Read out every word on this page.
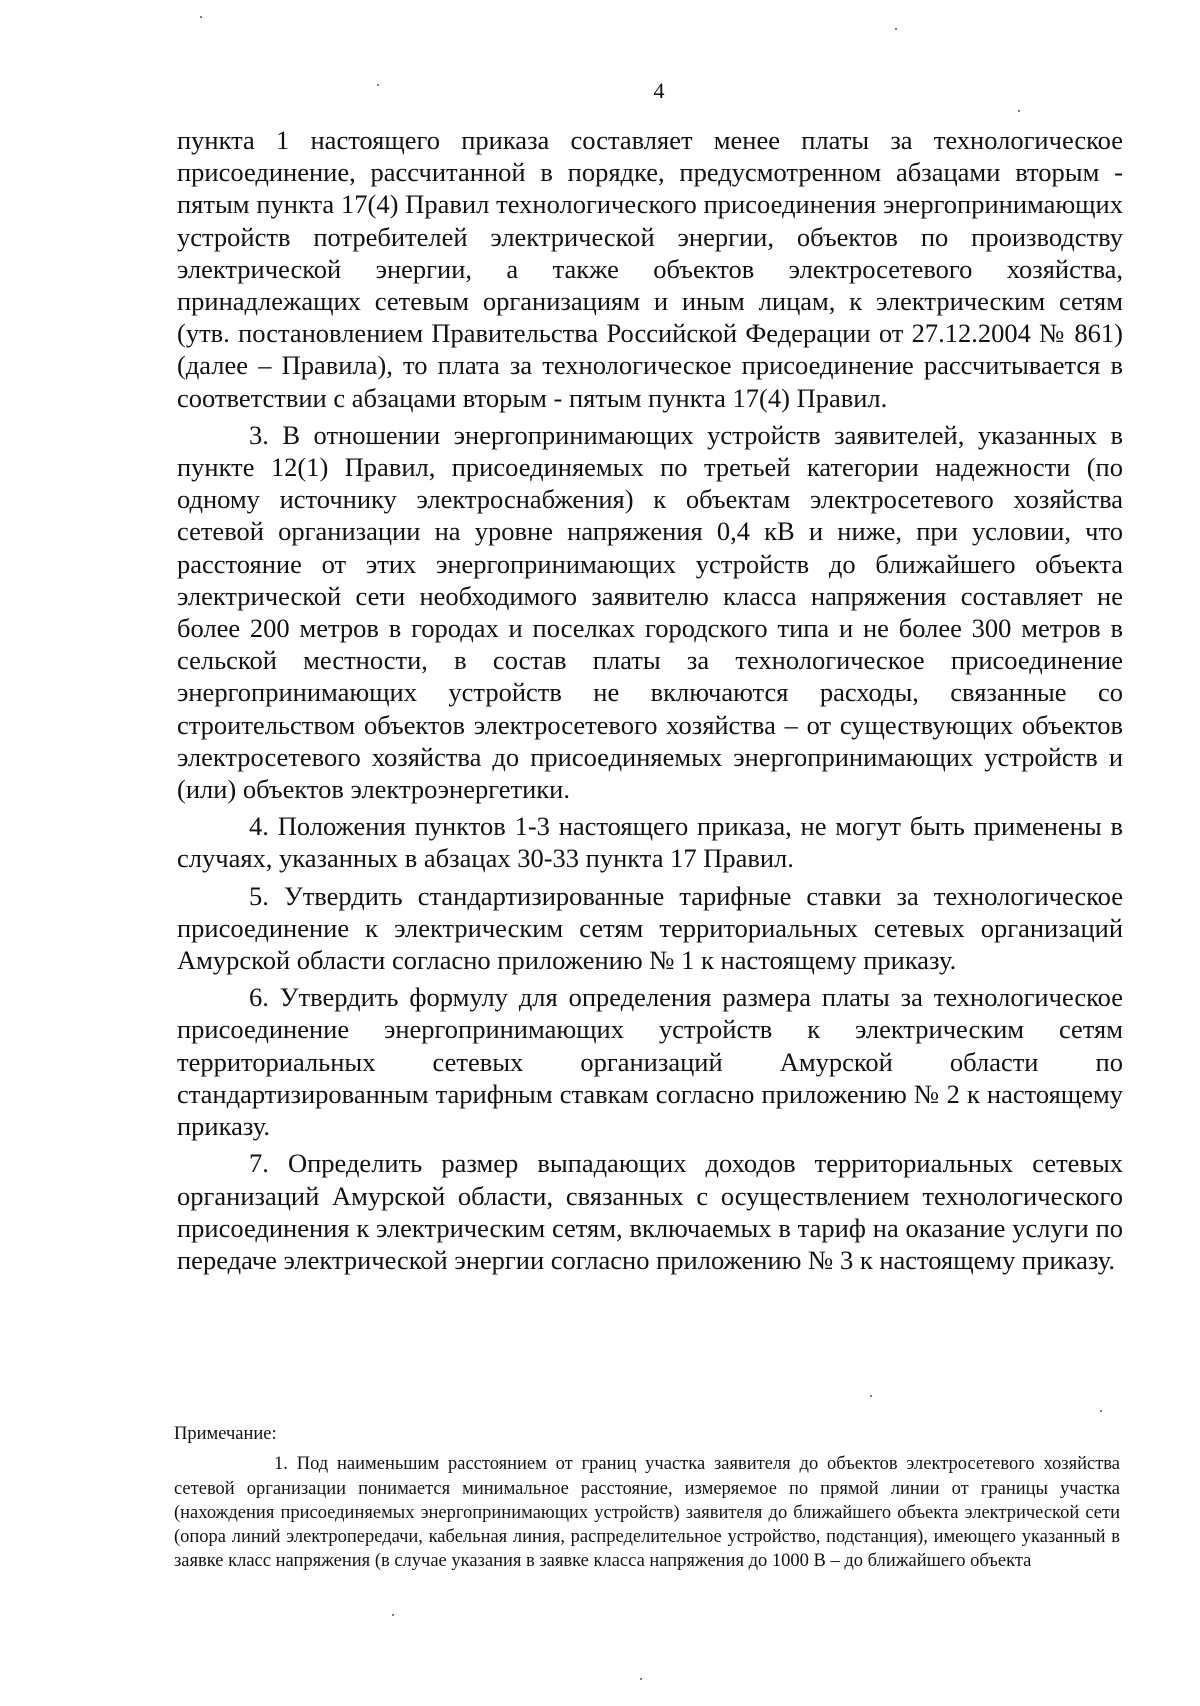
4

пункта 1 настоящего приказа составляет менее платы за технологическое присоединение, рассчитанной в порядке, предусмотренном абзацами вторым - пятым пункта 17(4) Правил технологического присоединения энергопринимающих устройств потребителей электрической энергии, объектов по производству электрической энергии, а также объектов электросетевого хозяйства, принадлежащих сетевым организациям и иным лицам, к электрическим сетям (утв. постановлением Правительства Российской Федерации от 27.12.2004 № 861) (далее – Правила), то плата за технологическое присоединение рассчитывается в соответствии с абзацами вторым - пятым пункта 17(4) Правил.

3. В отношении энергопринимающих устройств заявителей, указанных в пункте 12(1) Правил, присоединяемых по третьей категории надежности (по одному источнику электроснабжения) к объектам электросетевого хозяйства сетевой организации на уровне напряжения 0,4 кВ и ниже, при условии, что расстояние от этих энергопринимающих устройств до ближайшего объекта электрической сети необходимого заявителю класса напряжения составляет не более 200 метров в городах и поселках городского типа и не более 300 метров в сельской местности, в состав платы за технологическое присоединение энергопринимающих устройств не включаются расходы, связанные со строительством объектов электросетевого хозяйства – от существующих объектов электросетевого хозяйства до присоединяемых энергопринимающих устройств и (или) объектов электроэнергетики.

4. Положения пунктов 1-3 настоящего приказа, не могут быть применены в случаях, указанных в абзацах 30-33 пункта 17 Правил.

5. Утвердить стандартизированные тарифные ставки за технологическое присоединение к электрическим сетям территориальных сетевых организаций Амурской области согласно приложению № 1 к настоящему приказу.

6. Утвердить формулу для определения размера платы за технологическое присоединение энергопринимающих устройств к электрическим сетям территориальных сетевых организаций Амурской области по стандартизированным тарифным ставкам согласно приложению № 2 к настоящему приказу.

7. Определить размер выпадающих доходов территориальных сетевых организаций Амурской области, связанных с осуществлением технологического присоединения к электрическим сетям, включаемых в тариф на оказание услуги по передаче электрической энергии согласно приложению № 3 к настоящему приказу.

Примечание:

1. Под наименьшим расстоянием от границ участка заявителя до объектов электросетевого хозяйства сетевой организации понимается минимальное расстояние, измеряемое по прямой линии от границы участка (нахождения присоединяемых энергопринимающих устройств) заявителя до ближайшего объекта электрической сети (опора линий электропередачи, кабельная линия, распределительное устройство, подстанция), имеющего указанный в заявке класс напряжения (в случае указания в заявке класса напряжения до 1000 В – до ближайшего объекта
